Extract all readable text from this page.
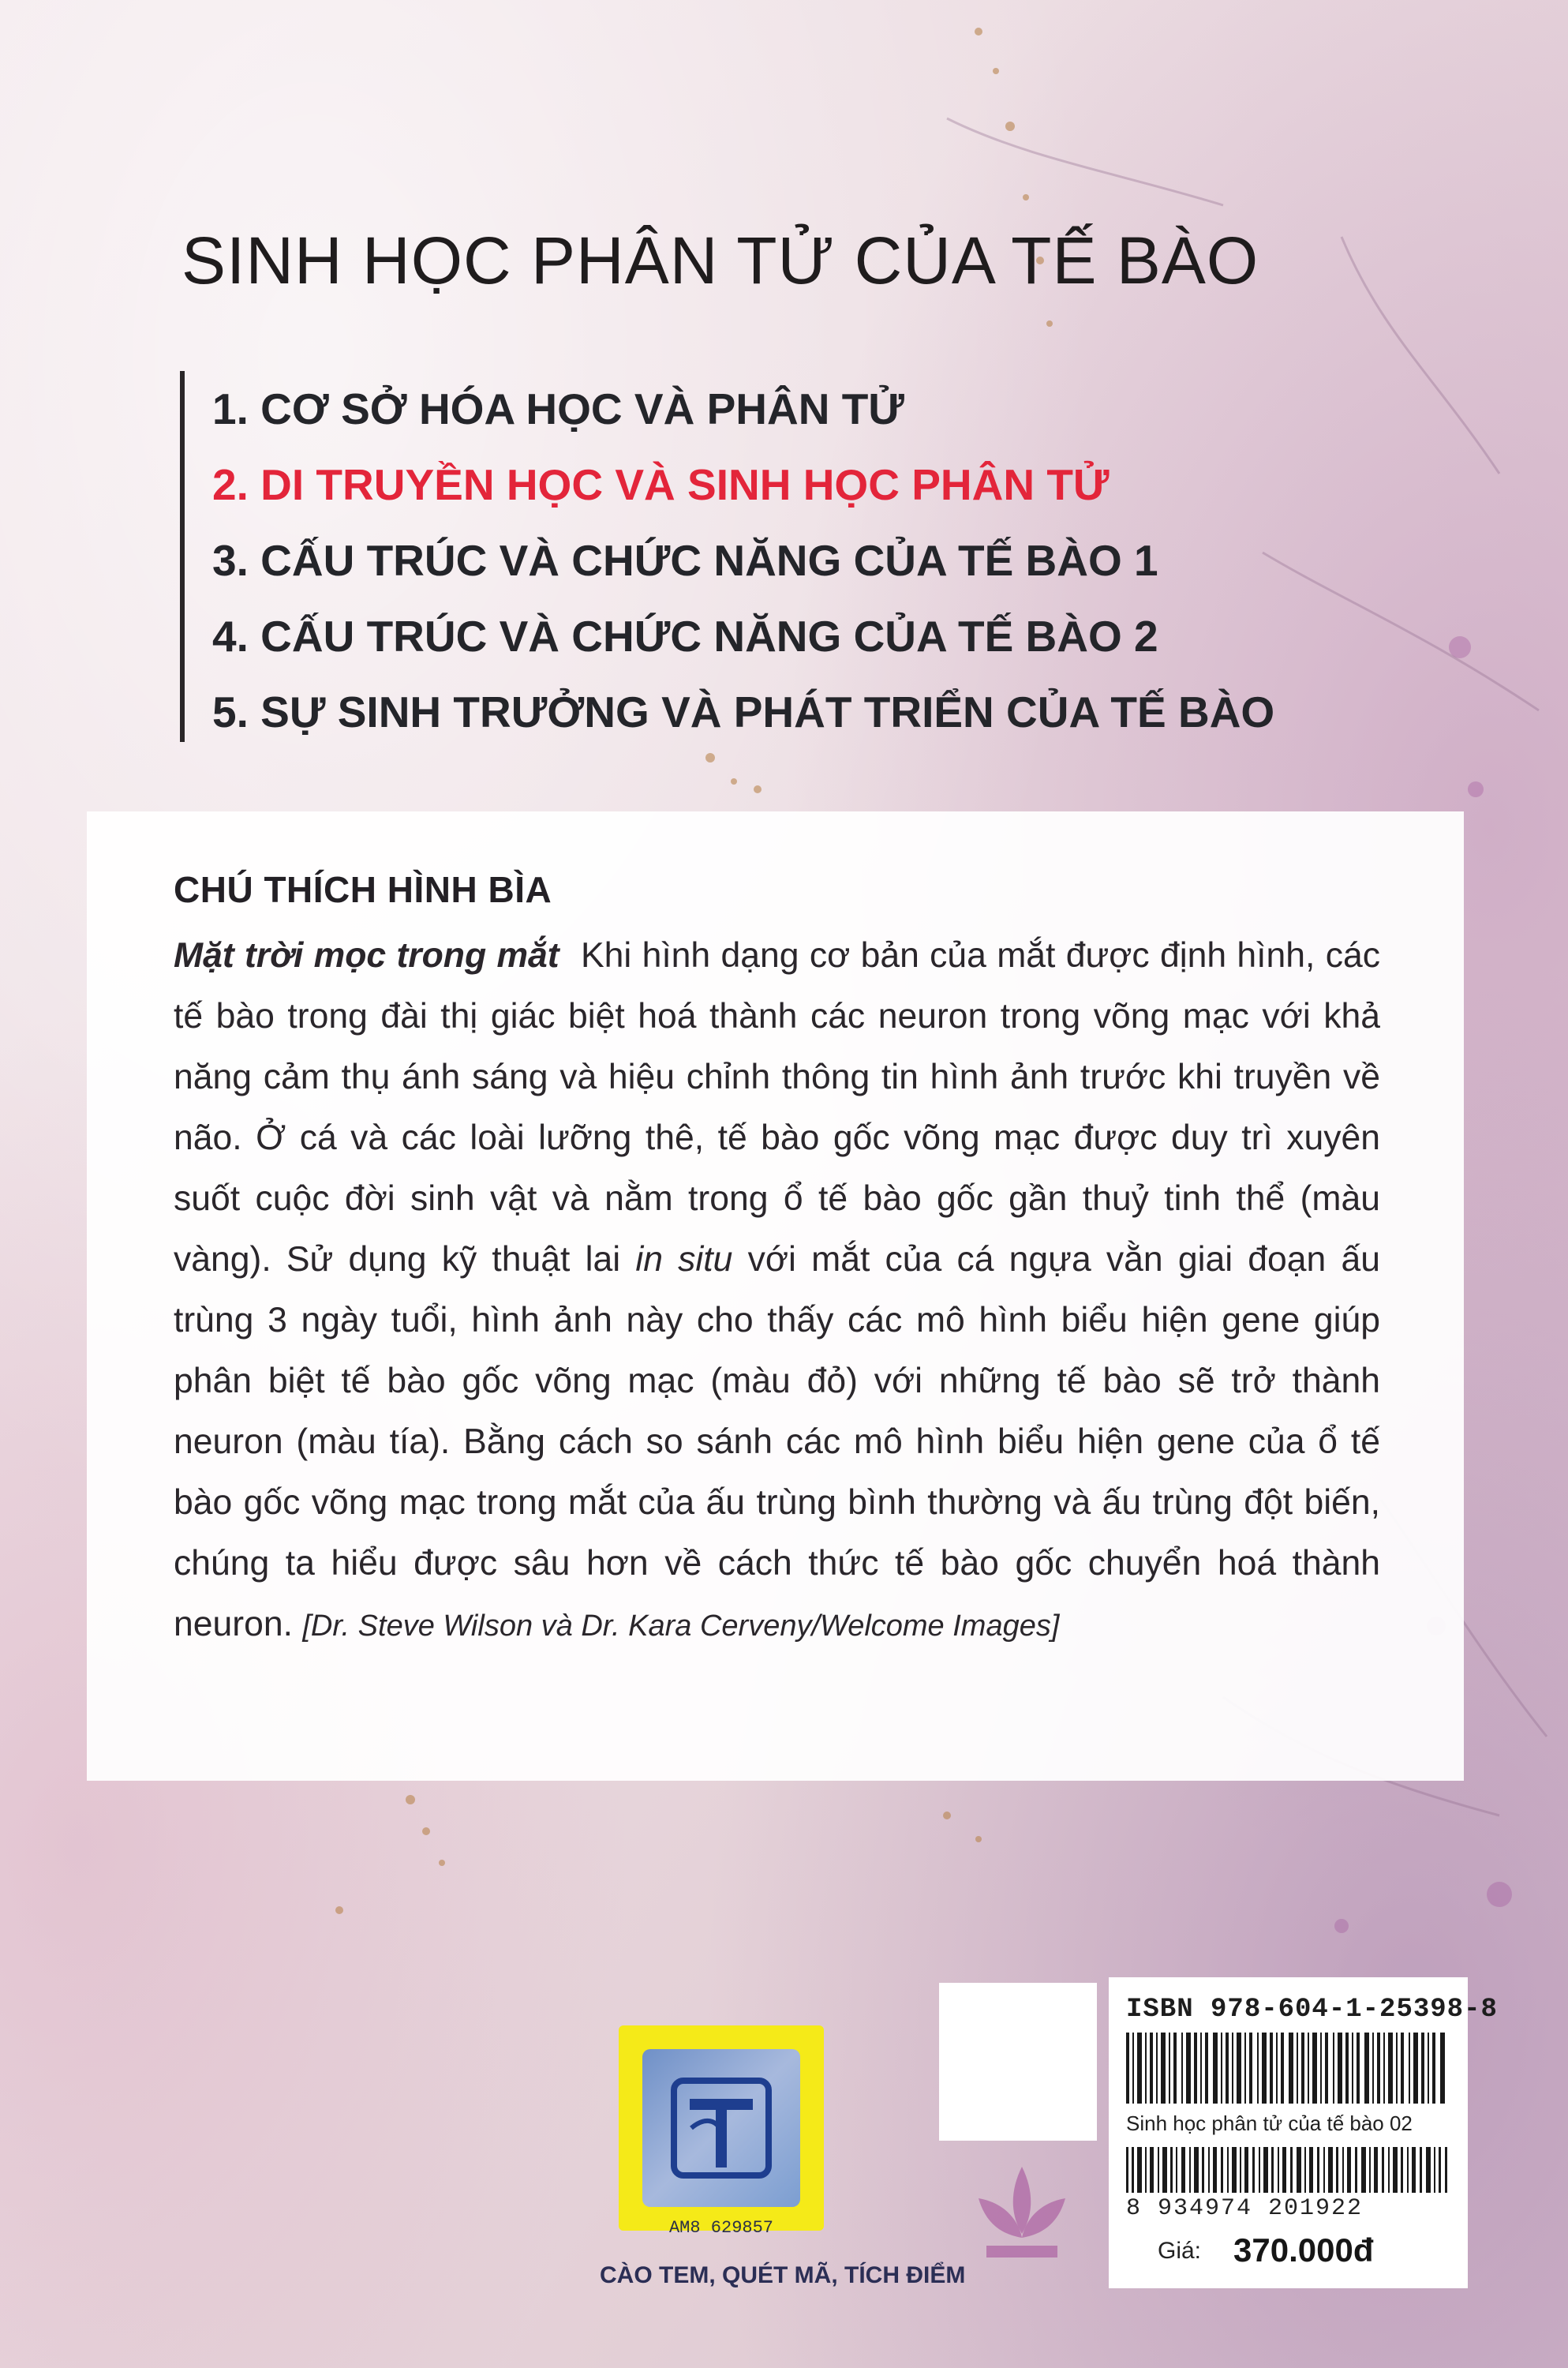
SINH HỌC PHÂN TỬ CỦA TẾ BÀO
1. CƠ SỞ HÓA HỌC VÀ PHÂN TỬ
2. DI TRUYỀN HỌC VÀ SINH HỌC PHÂN TỬ
3. CẤU TRÚC VÀ CHỨC NĂNG CỦA TẾ BÀO 1
4. CẤU TRÚC VÀ CHỨC NĂNG CỦA TẾ BÀO 2
5. SỰ SINH TRƯỞNG VÀ PHÁT TRIỂN CỦA TẾ BÀO
CHÚ THÍCH HÌNH BÌA

Mặt trời mọc trong mắt Khi hình dạng cơ bản của mắt được định hình, các tế bào trong đài thị giác biệt hoá thành các neuron trong võng mạc với khả năng cảm thụ ánh sáng và hiệu chỉnh thông tin hình ảnh trước khi truyền về não. Ở cá và các loài lưỡng thê, tế bào gốc võng mạc được duy trì xuyên suốt cuộc đời sinh vật và nằm trong ổ tế bào gốc gần thuỷ tinh thể (màu vàng). Sử dụng kỹ thuật lai in situ với mắt của cá ngựa vằn giai đoạn ấu trùng 3 ngày tuổi, hình ảnh này cho thấy các mô hình biểu hiện gene giúp phân biệt tế bào gốc võng mạc (màu đỏ) với những tế bào sẽ trở thành neuron (màu tía). Bằng cách so sánh các mô hình biểu hiện gene của ổ tế bào gốc võng mạc trong mắt của ấu trùng bình thường và ấu trùng đột biến, chúng ta hiểu được sâu hơn về cách thức tế bào gốc chuyển hoá thành neuron. [Dr. Steve Wilson và Dr. Kara Cerveny/Welcome Images]

AM8 629857
CÀO TEM, QUÉT MÃ, TÍCH ĐIỂM
ISBN 978-604-1-25398-8
Sinh học phân tử của tế bào 02
8 934974 201922
Giá: 370.000đ
